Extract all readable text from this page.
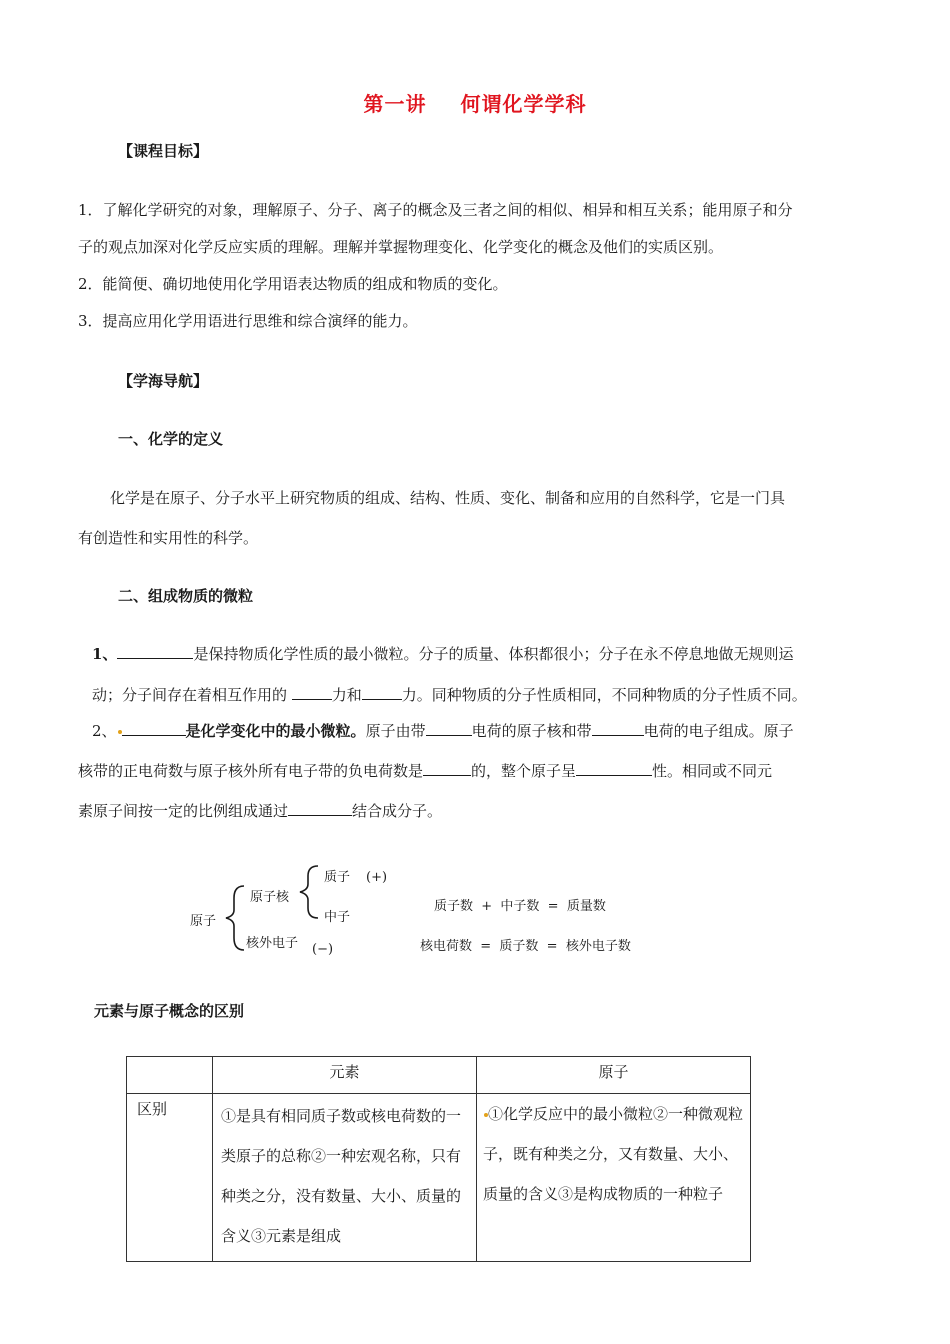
第一讲 何谓化学学科
【课程目标】
1．了解化学研究的对象，理解原子、分子、离子的概念及三者之间的相似、相异和相互关系；能用原子和分
子的观点加深对化学反应实质的理解。理解并掌握物理变化、化学变化的概念及他们的实质区别。
2．能简便、确切地使用化学用语表达物质的组成和物质的变化。
3．提高应用化学用语进行思维和综合演绎的能力。
【学海导航】
一、化学的定义
化学是在原子、分子水平上研究物质的组成、结构、性质、变化、制备和应用的自然科学，它是一门具
有创造性和实用性的科学。
二、组成物质的微粒
1、	是保持物质化学性质的最小微粒。分子的质量、体积都很小；分子在永不停息地做无规则运
动；分子间存在着相互作用的	力和	力。同种物质的分子性质相同，不同种物质的分子性质不同。
2、	是化学变化中的最小微粒。原子由带	电荷的原子核和带	电荷的电子组成。原子
核带的正电荷数与原子核外所有电子带的负电荷数是	的，整个原子呈	性。相同或不同元
素原子间按一定的比例组成通过	结合成分子。
原子
原子核
质子 (+)
中子
核外电子 (−)
质子数  +  中子数  =  质量数
核电荷数  =  质子数  =  核外电子数
元素与原子概念的区别
	元素	原子
区别	①是具有相同质子数或核电荷数的一类原子的总称②一种宏观名称，只有种类之分，没有数量、大小、质量的含义③元素是组成	①化学反应中的最小微粒②一种微观粒子，既有种类之分，又有数量、大小、质量的含义③是构成物质的一种粒子
